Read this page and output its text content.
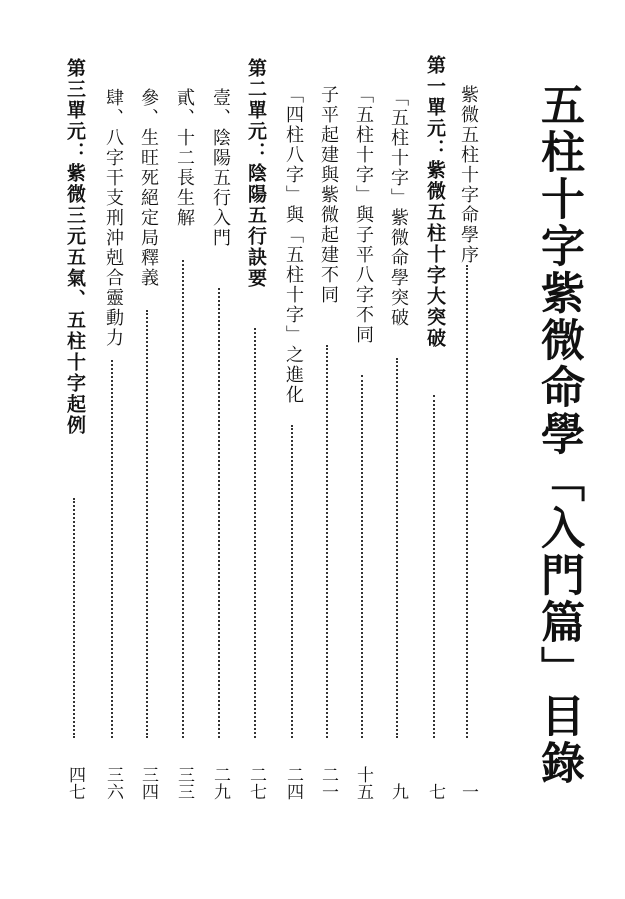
五柱十字紫微命學「入門篇」目錄
紫微五柱十字命學序
一
第一單元：紫微五柱十字大突破
七
「五柱十字」紫微命學突破
九
「五柱十字」與子平八字不同
十五
子平起建與紫微起建不同
二一
「四柱八字」與「五柱十字」之進化
二四
第二單元：陰陽五行訣要
二七
壹、陰陽五行入門
二九
貳、十二長生解
三三
參、生旺死絕定局釋義
三四
肆、八字干支刑沖剋合靈動力
三六
第三單元：紫微三元五氣、五柱十字起例
四七
